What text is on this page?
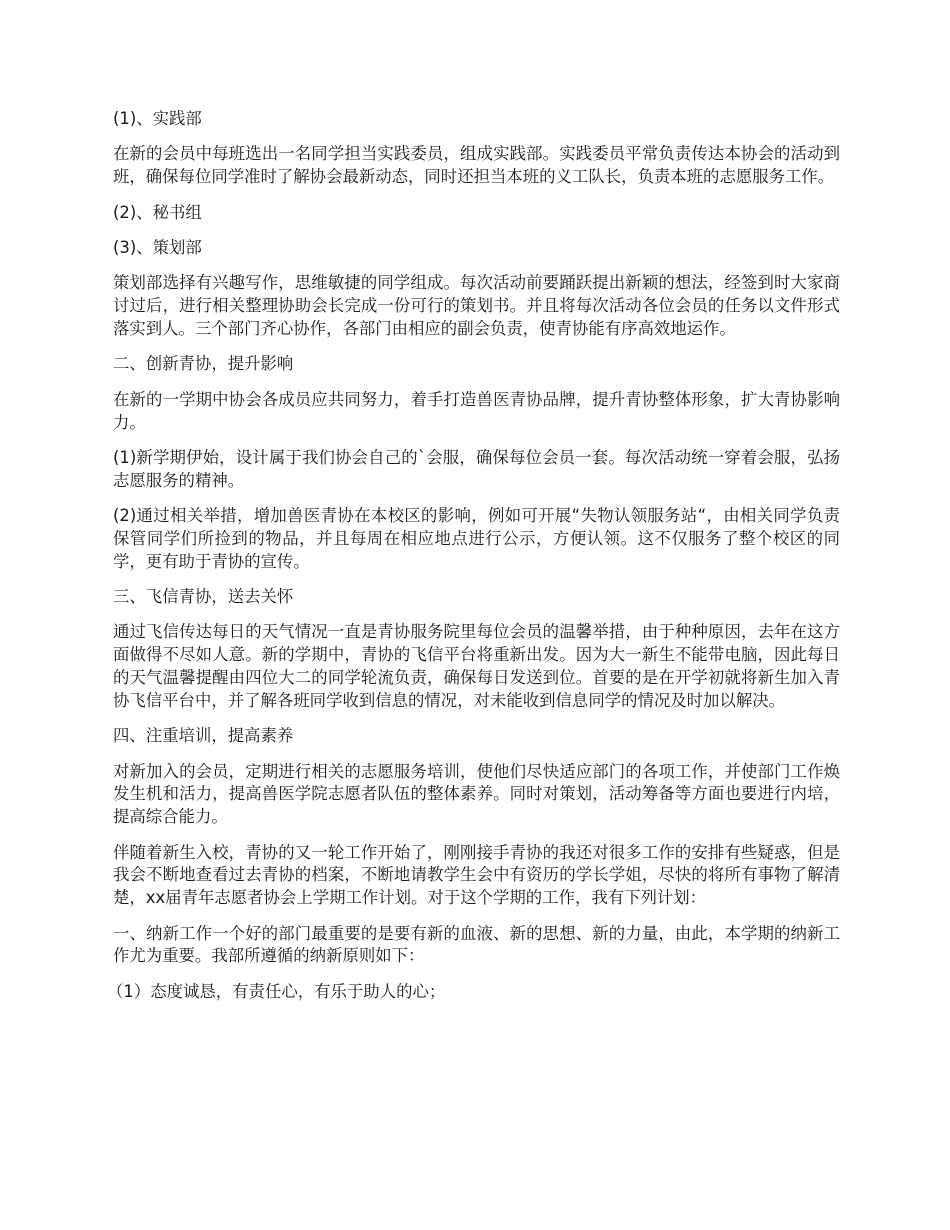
(1)、实践部

在新的会员中每班选出一名同学担当实践委员，组成实践部。实践委员平常负责传达本协会的活动到班，确保每位同学准时了解协会最新动态，同时还担当本班的义工队长，负责本班的志愿服务工作。

(2)、秘书组

(3)、策划部

策划部选择有兴趣写作，思维敏捷的同学组成。每次活动前要踊跃提出新颖的想法，经签到时大家商讨过后，进行相关整理协助会长完成一份可行的策划书。并且将每次活动各位会员的任务以文件形式落实到人。三个部门齐心协作，各部门由相应的副会负责，使青协能有序高效地运作。

二、创新青协，提升影响

在新的一学期中协会各成员应共同努力，着手打造兽医青协品牌，提升青协整体形象，扩大青协影响力。

(1)新学期伊始，设计属于我们协会自己的`会服，确保每位会员一套。每次活动统一穿着会服，弘扬志愿服务的精神。

(2)通过相关举措，增加兽医青协在本校区的影响，例如可开展“失物认领服务站“，由相关同学负责保管同学们所捡到的物品，并且每周在相应地点进行公示，方便认领。这不仅服务了整个校区的同学，更有助于青协的宣传。

三、飞信青协，送去关怀

通过飞信传达每日的天气情况一直是青协服务院里每位会员的温馨举措，由于种种原因，去年在这方面做得不尽如人意。新的学期中，青协的飞信平台将重新出发。因为大一新生不能带电脑，因此每日的天气温馨提醒由四位大二的同学轮流负责，确保每日发送到位。首要的是在开学初就将新生加入青协飞信平台中，并了解各班同学收到信息的情况，对未能收到信息同学的情况及时加以解决。

四、注重培训，提高素养

对新加入的会员，定期进行相关的志愿服务培训，使他们尽快适应部门的各项工作，并使部门工作焕发生机和活力，提高兽医学院志愿者队伍的整体素养。同时对策划，活动筹备等方面也要进行内培，提高综合能力。

伴随着新生入校，青协的又一轮工作开始了，刚刚接手青协的我还对很多工作的安排有些疑惑，但是我会不断地查看过去青协的档案，不断地请教学生会中有资历的学长学姐，尽快的将所有事物了解清楚，xx届青年志愿者协会上学期工作计划。对于这个学期的工作，我有下列计划：

一、纳新工作一个好的部门最重要的是要有新的血液、新的思想、新的力量，由此，本学期的纳新工作尤为重要。我部所遵循的纳新原则如下：

（1）态度诚恳，有责任心，有乐于助人的心；
